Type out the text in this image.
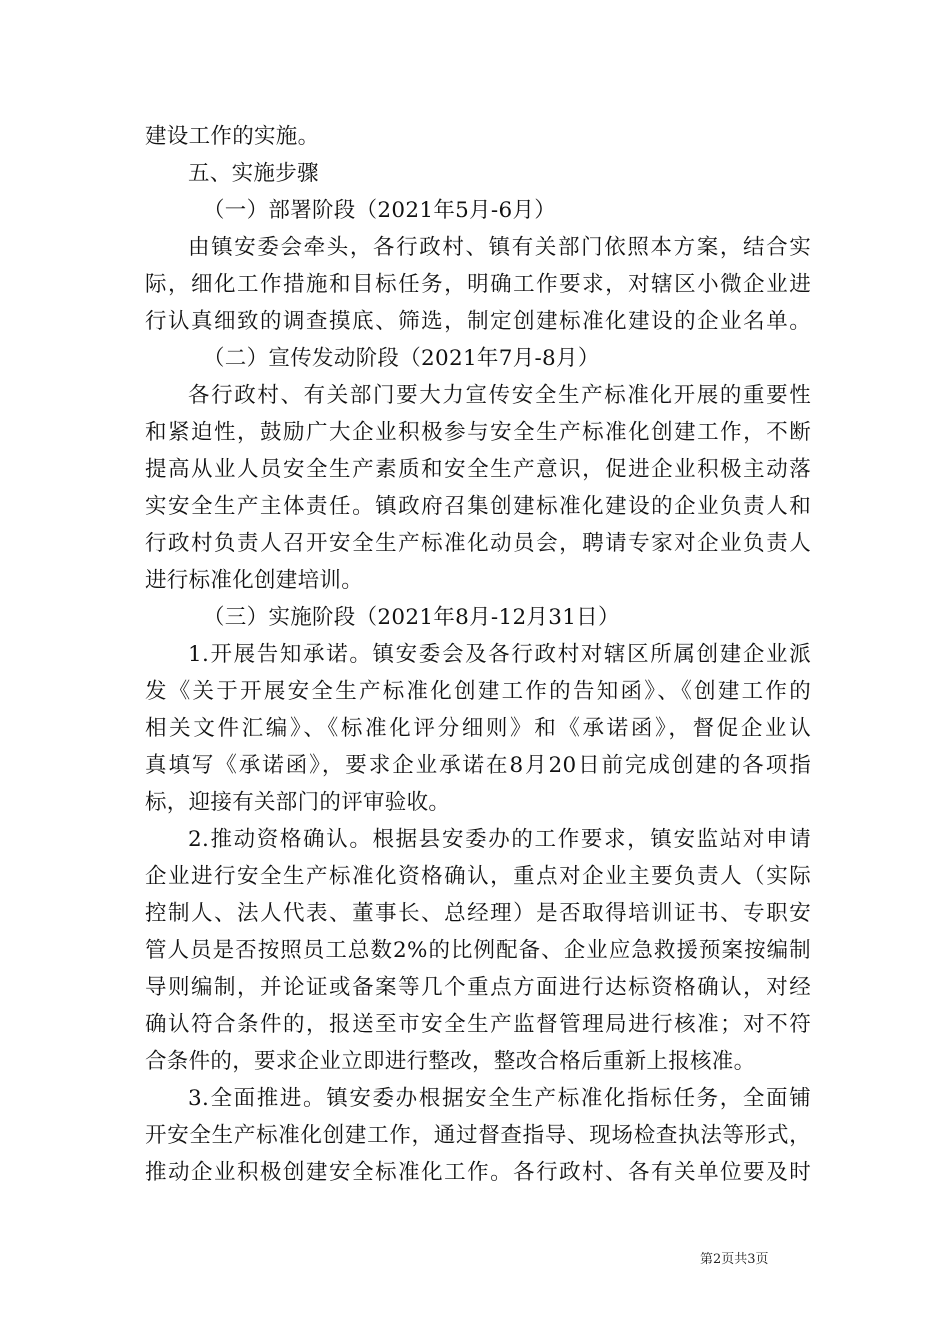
建设工作的实施。
五、实施步骤
（一）部署阶段（2021年5月-6月）
由镇安委会牵头，各行政村、镇有关部门依照本方案，结合实
际，细化工作措施和目标任务，明确工作要求，对辖区小微企业进
行认真细致的调查摸底、筛选，制定创建标准化建设的企业名单。
（二）宣传发动阶段（2021年7月-8月）
各行政村、有关部门要大力宣传安全生产标准化开展的重要性
和紧迫性，鼓励广大企业积极参与安全生产标准化创建工作，不断
提高从业人员安全生产素质和安全生产意识，促进企业积极主动落
实安全生产主体责任。镇政府召集创建标准化建设的企业负责人和
行政村负责人召开安全生产标准化动员会，聘请专家对企业负责人
进行标准化创建培训。
（三）实施阶段（2021年8月-12月31日）
1.开展告知承诺。镇安委会及各行政村对辖区所属创建企业派
发《关于开展安全生产标准化创建工作的告知函》、《创建工作的
相关文件汇编》、《标准化评分细则》和《承诺函》，督促企业认
真填写《承诺函》，要求企业承诺在8月20日前完成创建的各项指
标，迎接有关部门的评审验收。
2.推动资格确认。根据县安委办的工作要求，镇安监站对申请
企业进行安全生产标准化资格确认，重点对企业主要负责人（实际
控制人、法人代表、董事长、总经理）是否取得培训证书、专职安
管人员是否按照员工总数2%的比例配备、企业应急救援预案按编制
导则编制，并论证或备案等几个重点方面进行达标资格确认，对经
确认符合条件的，报送至市安全生产监督管理局进行核准；对不符
合条件的，要求企业立即进行整改，整改合格后重新上报核准。
3.全面推进。镇安委办根据安全生产标准化指标任务，全面铺
开安全生产标准化创建工作，通过督查指导、现场检查执法等形式，
推动企业积极创建安全标准化工作。各行政村、各有关单位要及时
第2页共3页
